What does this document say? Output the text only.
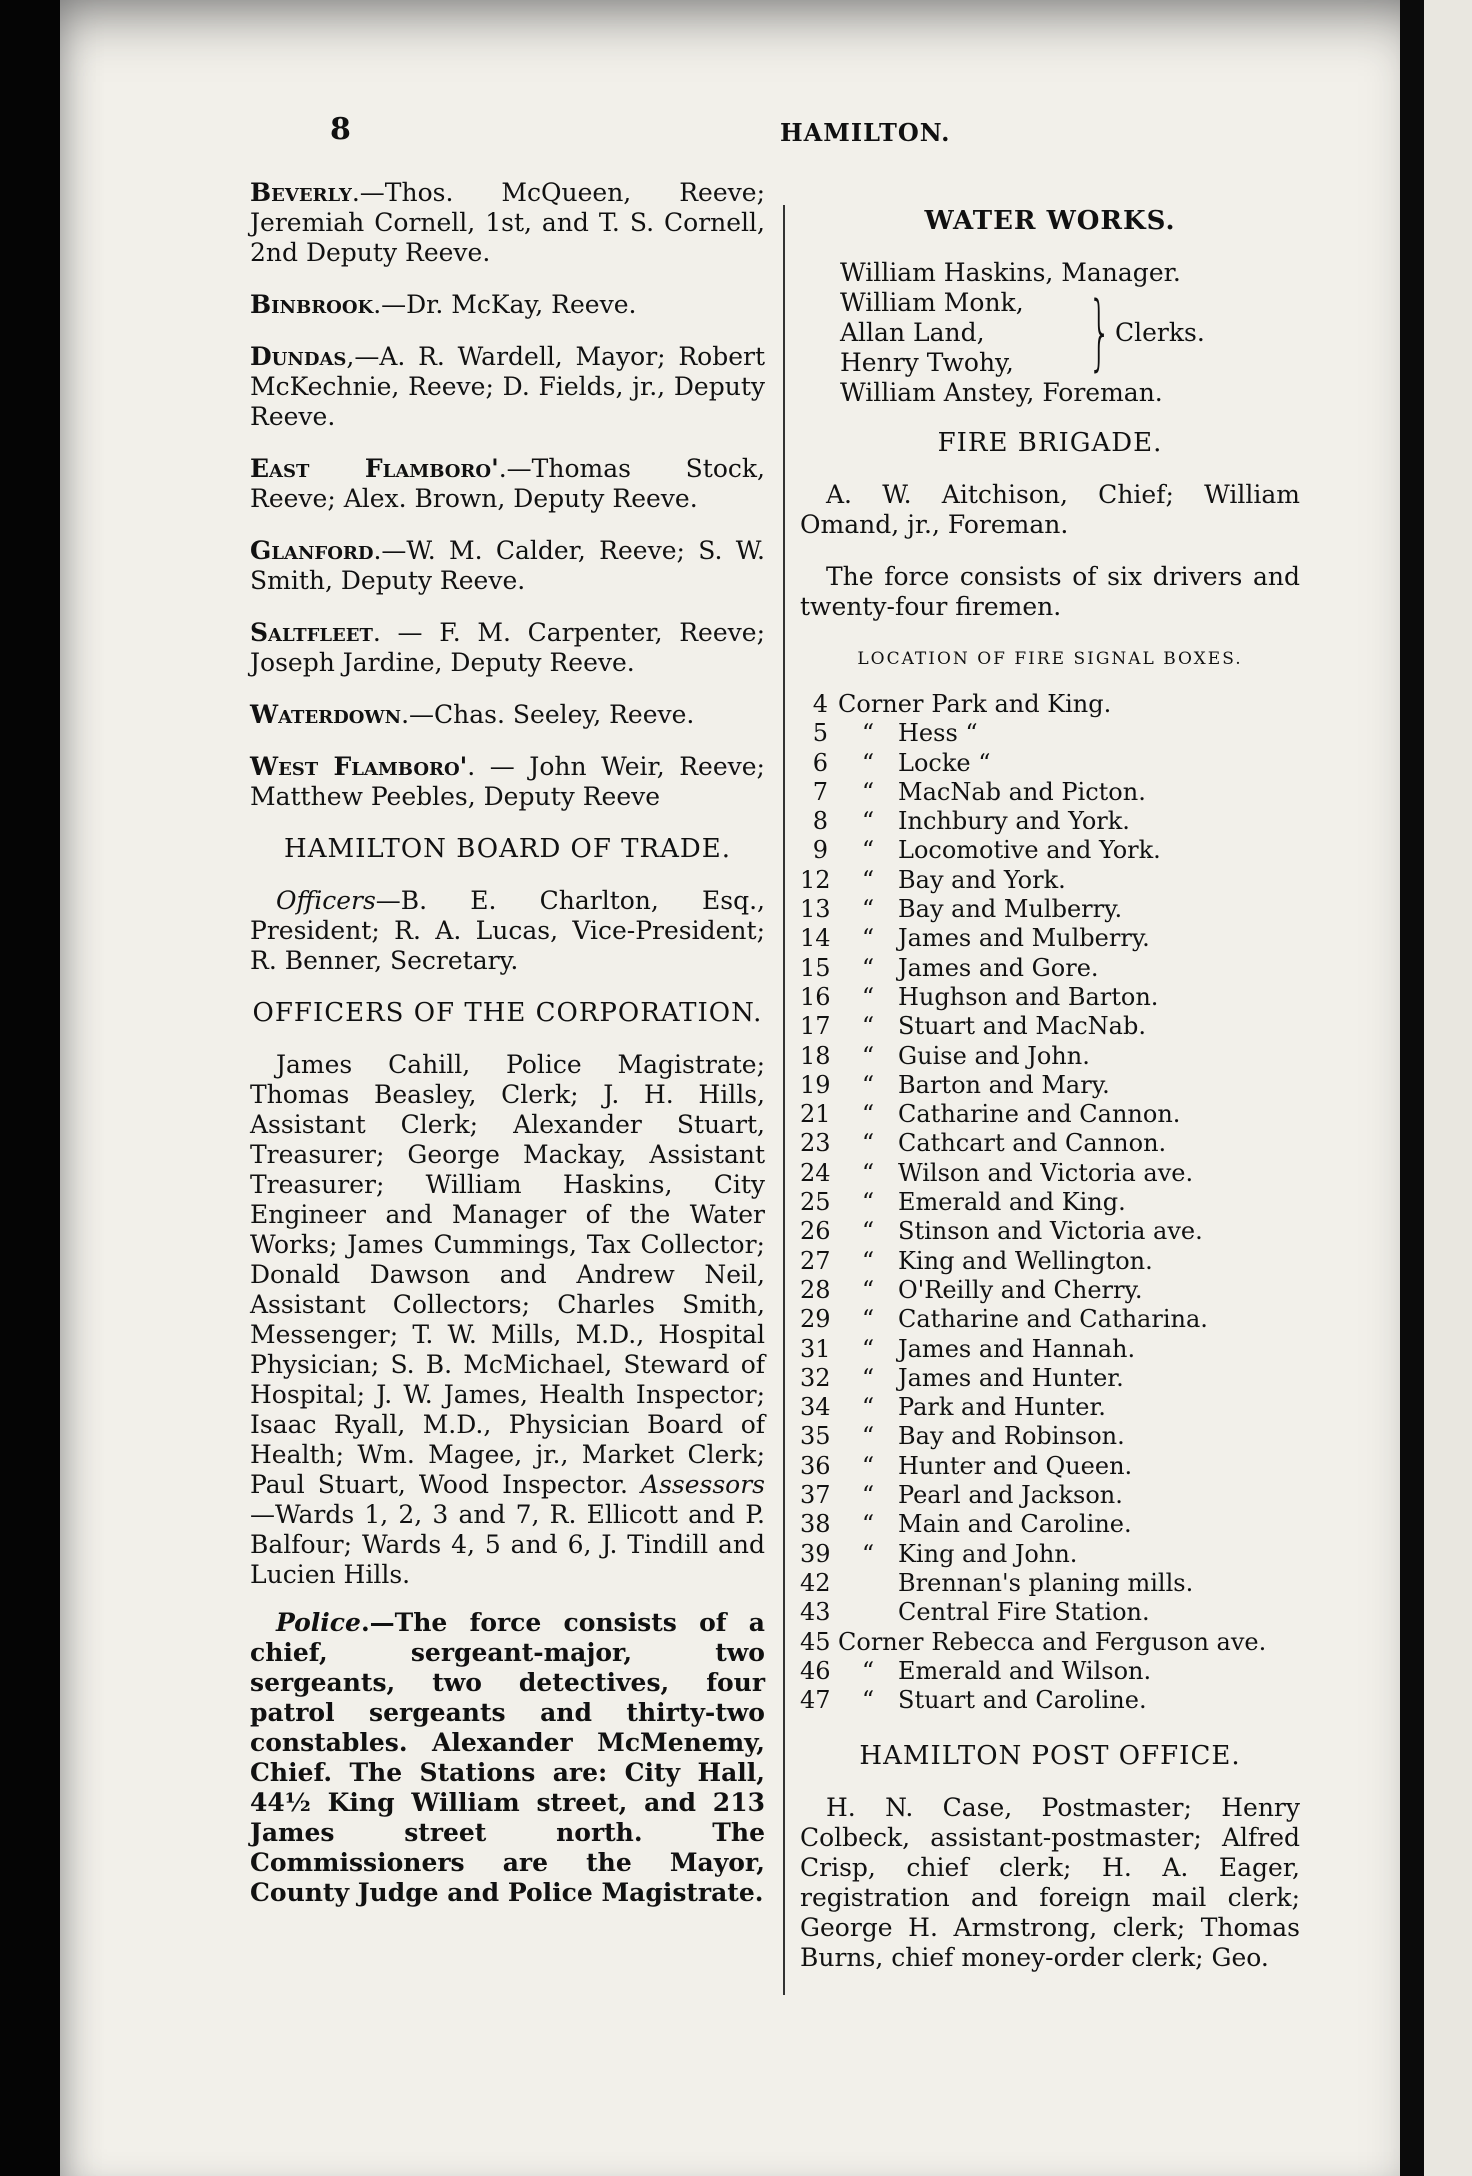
8	HAMILTON.

Beverly.—Thos. McQueen, Reeve; Jeremiah Cornell, 1st, and T. S. Cornell, 2nd Deputy Reeve.

Binbrook.—Dr. McKay, Reeve.

Dundas,—A. R. Wardell, Mayor; Robert McKechnie, Reeve; D. Fields, jr., Deputy Reeve.

East Flamboro'.—Thomas Stock, Reeve; Alex. Brown, Deputy Reeve.

Glanford.—W. M. Calder, Reeve; S. W. Smith, Deputy Reeve.

Saltfleet. — F. M. Carpenter, Reeve; Joseph Jardine, Deputy Reeve.

Waterdown.—Chas. Seeley, Reeve.

West Flamboro'. — John Weir, Reeve; Matthew Peebles, Deputy Reeve

HAMILTON BOARD OF TRADE.

Officers—B. E. Charlton, Esq., President; R. A. Lucas, Vice-President; R. Benner, Secretary.

OFFICERS OF THE CORPORATION.

James Cahill, Police Magistrate; Thomas Beasley, Clerk; J. H. Hills, Assistant Clerk; Alexander Stuart, Treasurer; George Mackay, Assistant Treasurer; William Haskins, City Engineer and Manager of the Water Works; James Cummings, Tax Collector; Donald Dawson and Andrew Neil, Assistant Collectors; Charles Smith, Messenger; T. W. Mills, M.D., Hospital Physician; S. B. McMichael, Steward of Hospital; J. W. James, Health Inspector; Isaac Ryall, M.D., Physician Board of Health; Wm. Magee, jr., Market Clerk; Paul Stuart, Wood Inspector. Assessors—Wards 1, 2, 3 and 7, R. Ellicott and P. Balfour; Wards 4, 5 and 6, J. Tindill and Lucien Hills.

Police.—The force consists of a chief, sergeant-major, two sergeants, two detectives, four patrol sergeants and thirty-two constables. Alexander McMenemy, Chief. The Stations are: City Hall, 44½ King William street, and 213 James street north. The Commissioners are the Mayor, County Judge and Police Magistrate.

WATER WORKS.
William Haskins, Manager.
William Monk,
Allan Land,
Henry Twohy, } Clerks.
William Anstey, Foreman.
FIRE BRIGADE.

A. W. Aitchison, Chief; William Omand, jr., Foreman.

The force consists of six drivers and twenty-four firemen.

LOCATION OF FIRE SIGNAL BOXES.
4 Corner Park and King.
5	“ Hess “
6	“ Locke “
7	“ MacNab and Picton.
8	“ Inchbury and York.
9	“ Locomotive and York.
12	“ Bay and York.
13	“ Bay and Mulberry.
14	“ James and Mulberry.
15	“ James and Gore.
16	“ Hughson and Barton.
17	“ Stuart and MacNab.
18	“ Guise and John.
19	“ Barton and Mary.
21	“ Catharine and Cannon.
23	“ Cathcart and Cannon.
24	“ Wilson and Victoria ave.
25	“ Emerald and King.
26	“ Stinson and Victoria ave.
27	“ King and Wellington.
28	“ O'Reilly and Cherry.
29	“ Catharine and Catharina.
31	“ James and Hannah.
32	“ James and Hunter.
34	“ Park and Hunter.
35	“ Bay and Robinson.
36	“ Hunter and Queen.
37	“ Pearl and Jackson.
38	“ Main and Caroline.
39	“ King and John.
42	Brennan's planing mills.
43	Central Fire Station.
45 Corner Rebecca and Ferguson ave.
46	“ Emerald and Wilson.
47	“ Stuart and Caroline.
HAMILTON POST OFFICE.

H. N. Case, Postmaster; Henry Colbeck, assistant-postmaster; Alfred Crisp, chief clerk; H. A. Eager, registration and foreign mail clerk; George H. Armstrong, clerk; Thomas Burns, chief money-order clerk; Geo.
